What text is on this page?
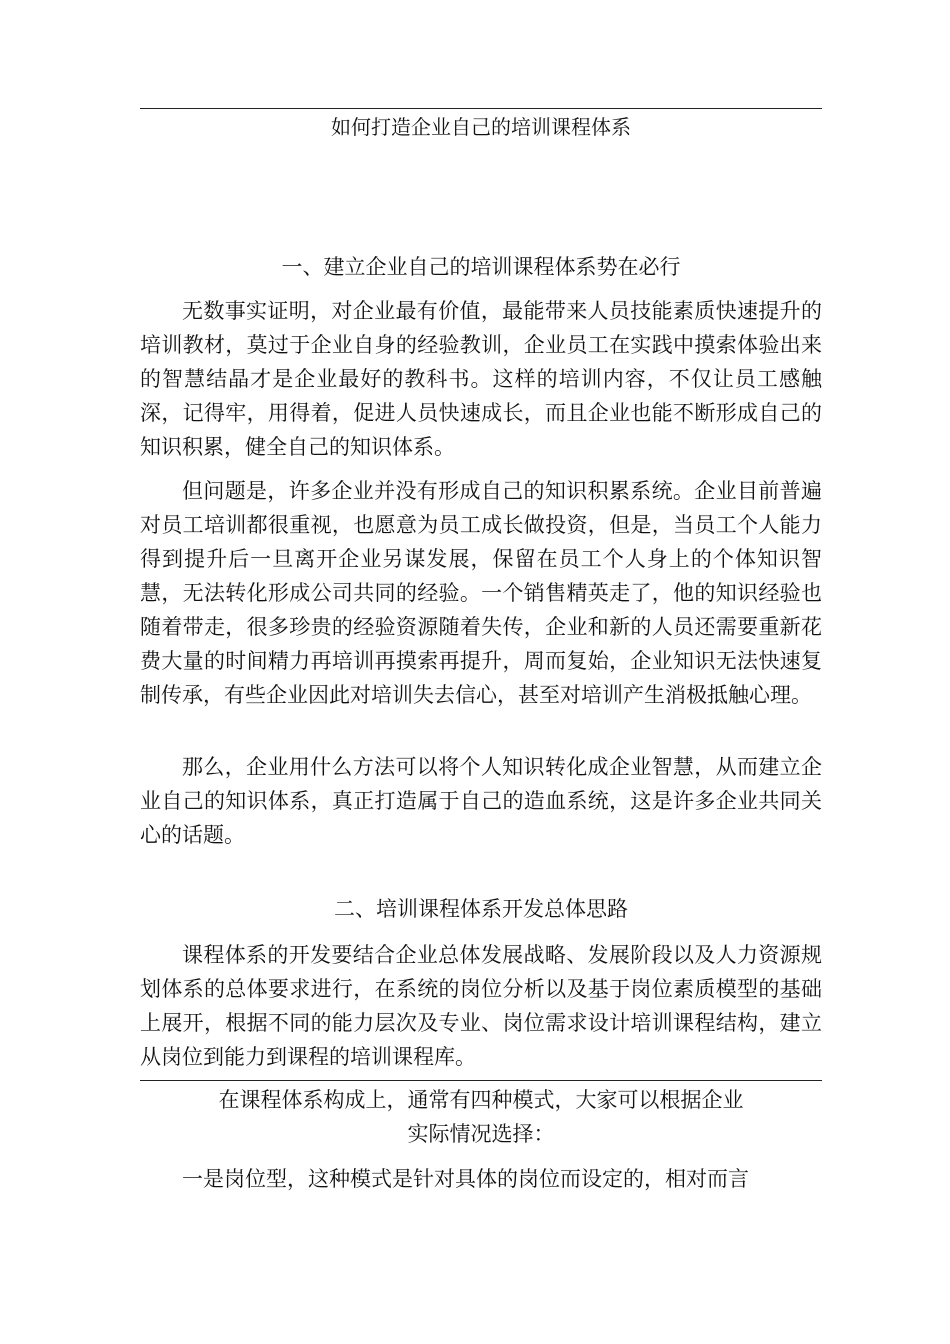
如何打造企业自己的培训课程体系
一、建立企业自己的培训课程体系势在必行

无数事实证明，对企业最有价值，最能带来人员技能素质快速提升的培训教材，莫过于企业自身的经验教训，企业员工在实践中摸索体验出来的智慧结晶才是企业最好的教科书。这样的培训内容，不仅让员工感触深，记得牢，用得着，促进人员快速成长，而且企业也能不断形成自己的知识积累，健全自己的知识体系。

但问题是，许多企业并没有形成自己的知识积累系统。企业目前普遍对员工培训都很重视，也愿意为员工成长做投资，但是，当员工个人能力得到提升后一旦离开企业另谋发展，保留在员工个人身上的个体知识智慧，无法转化形成公司共同的经验。一个销售精英走了，他的知识经验也随着带走，很多珍贵的经验资源随着失传，企业和新的人员还需要重新花费大量的时间精力再培训再摸索再提升，周而复始，企业知识无法快速复制传承，有些企业因此对培训失去信心，甚至对培训产生消极抵触心理。

那么，企业用什么方法可以将个人知识转化成企业智慧，从而建立企业自己的知识体系，真正打造属于自己的造血系统，这是许多企业共同关心的话题。

二、培训课程体系开发总体思路

课程体系的开发要结合企业总体发展战略、发展阶段以及人力资源规划体系的总体要求进行，在系统的岗位分析以及基于岗位素质模型的基础上展开，根据不同的能力层次及专业、岗位需求设计培训课程结构，建立从岗位到能力到课程的培训课程库。

在课程体系构成上，通常有四种模式，大家可以根据企业
实际情况选择：

一是岗位型，这种模式是针对具体的岗位而设定的，相对而言
